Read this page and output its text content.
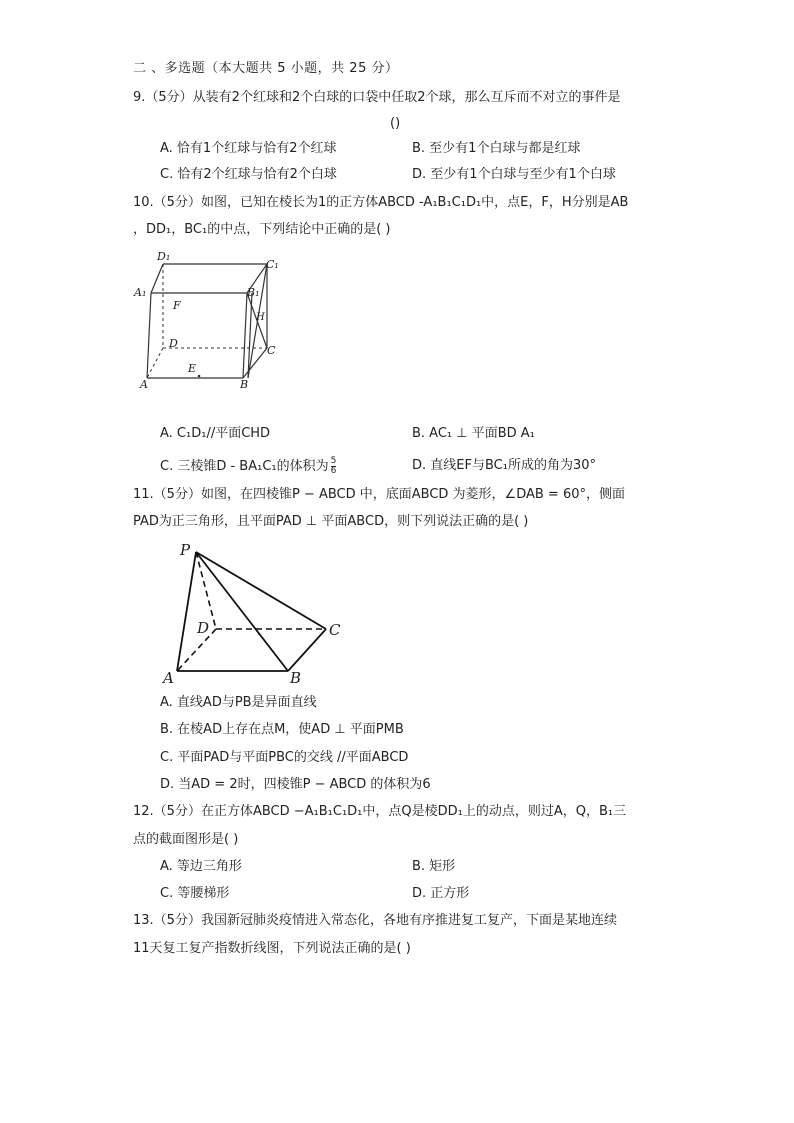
二 、多选题（本大题共 5 小题，共 25 分）
9.（5分）从装有2个红球和2个白球的口袋中任取2个球，那么互斥而不对立的事件是
()
A. 恰有1个红球与恰有2个红球	B. 至少有1个白球与都是红球
C. 恰有2个红球与恰有2个白球	D. 至少有1个白球与至少有1个白球
10.（5分）如图，已知在棱长为1的正方体ABCD -A₁B₁C₁D₁中，点E，F，H分别是AB
，DD₁，BC₁的中点，下列结论中正确的是( )
D₁
C₁
A₁	B₁
F
H
D
C
A
E
B
A. C₁D₁//平面CHD	B. AC₁ ⊥ 平面BD A₁
C. 三棱锥D - BA₁C₁的体积为 $\frac{5}{6}$	D. 直线EF与BC₁所成的角为30°
11.（5分）如图，在四棱锥P − ABCD 中，底面ABCD 为菱形，∠DAB = 60°，侧面
PAD为正三角形，且平面PAD ⊥ 平面ABCD，则下列说法正确的是( )
P
D	C
A	B
A. 直线AD与PB是异面直线
B. 在棱AD上存在点M，使AD ⊥ 平面PMB
C. 平面PAD与平面PBC的交线 //平面ABCD
D. 当AD = 2时，四棱锥P − ABCD 的体积为6
12.（5分）在正方体ABCD −A₁B₁C₁D₁中，点Q是棱DD₁上的动点，则过A，Q，B₁三
点的截面图形是( )
A. 等边三角形	B. 矩形
C. 等腰梯形	D. 正方形
13.（5分）我国新冠肺炎疫情进入常态化，各地有序推进复工复产，下面是某地连续
11天复工复产指数折线图，下列说法正确的是( )
